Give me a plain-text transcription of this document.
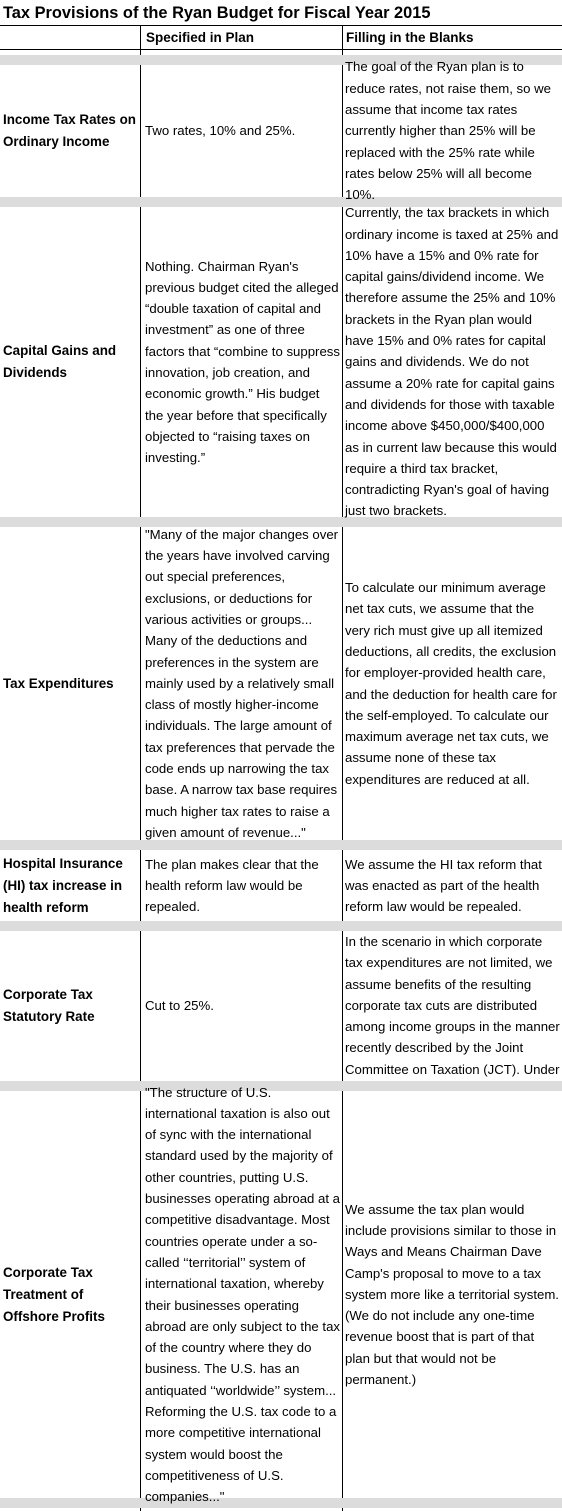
Tax Provisions of the Ryan Budget for Fiscal Year 2015
Specified in Plan	Filling in the Blanks
Income Tax Rates on Ordinary Income
Two rates, 10% and 25%.
The goal of the Ryan plan is to reduce rates, not raise them, so we assume that income tax rates currently higher than 25% will be replaced with the 25% rate while rates below 25% will all become 10%.
Capital Gains and Dividends
Nothing. Chairman Ryan's previous budget cited the alleged “double taxation of capital and investment” as one of three factors that “combine to suppress innovation, job creation, and economic growth.” His budget the year before that specifically objected to “raising taxes on investing.”
Currently, the tax brackets in which ordinary income is taxed at 25% and 10% have a 15% and 0% rate for capital gains/dividend income. We therefore assume the 25% and 10% brackets in the Ryan plan would have 15% and 0% rates for capital gains and dividends. We do not assume a 20% rate for capital gains and dividends for those with taxable income above $450,000/$400,000 as in current law because this would require a third tax bracket, contradicting Ryan's goal of having just two brackets.
Tax Expenditures
"Many of the major changes over the years have involved carving out special preferences, exclusions, or deductions for various activities or groups... Many of the deductions and preferences in the system are mainly used by a relatively small class of mostly higher-income individuals. The large amount of tax preferences that pervade the code ends up narrowing the tax base. A narrow tax base requires much higher tax rates to raise a given amount of revenue..."
To calculate our minimum average net tax cuts, we assume that the very rich must give up all itemized deductions, all credits, the exclusion for employer-provided health care, and the deduction for health care for the self-employed. To calculate our maximum average net tax cuts, we assume none of these tax expenditures are reduced at all.
Hospital Insurance (HI) tax increase in health reform
The plan makes clear that the health reform law would be repealed.
We assume the HI tax reform that was enacted as part of the health reform law would be repealed.
Corporate Tax Statutory Rate
Cut to 25%.
In the scenario in which corporate tax expenditures are not limited, we assume benefits of the resulting corporate tax cuts are distributed among income groups in the manner recently described by the Joint Committee on Taxation (JCT). Under
Corporate Tax Treatment of Offshore Profits
"The structure of U.S. international taxation is also out of sync with the international standard used by the majority of other countries, putting U.S. businesses operating abroad at a competitive disadvantage. Most countries operate under a so-called ‘‘territorial’’ system of international taxation, whereby their businesses operating abroad are only subject to the tax of the country where they do business. The U.S. has an antiquated ‘‘worldwide’’ system... Reforming the U.S. tax code to a more competitive international system would boost the competitiveness of U.S. companies..."
We assume the tax plan would include provisions similar to those in Ways and Means Chairman Dave Camp's proposal to move to a tax system more like a territorial system. (We do not include any one-time revenue boost that is part of that plan but that would not be permanent.)
